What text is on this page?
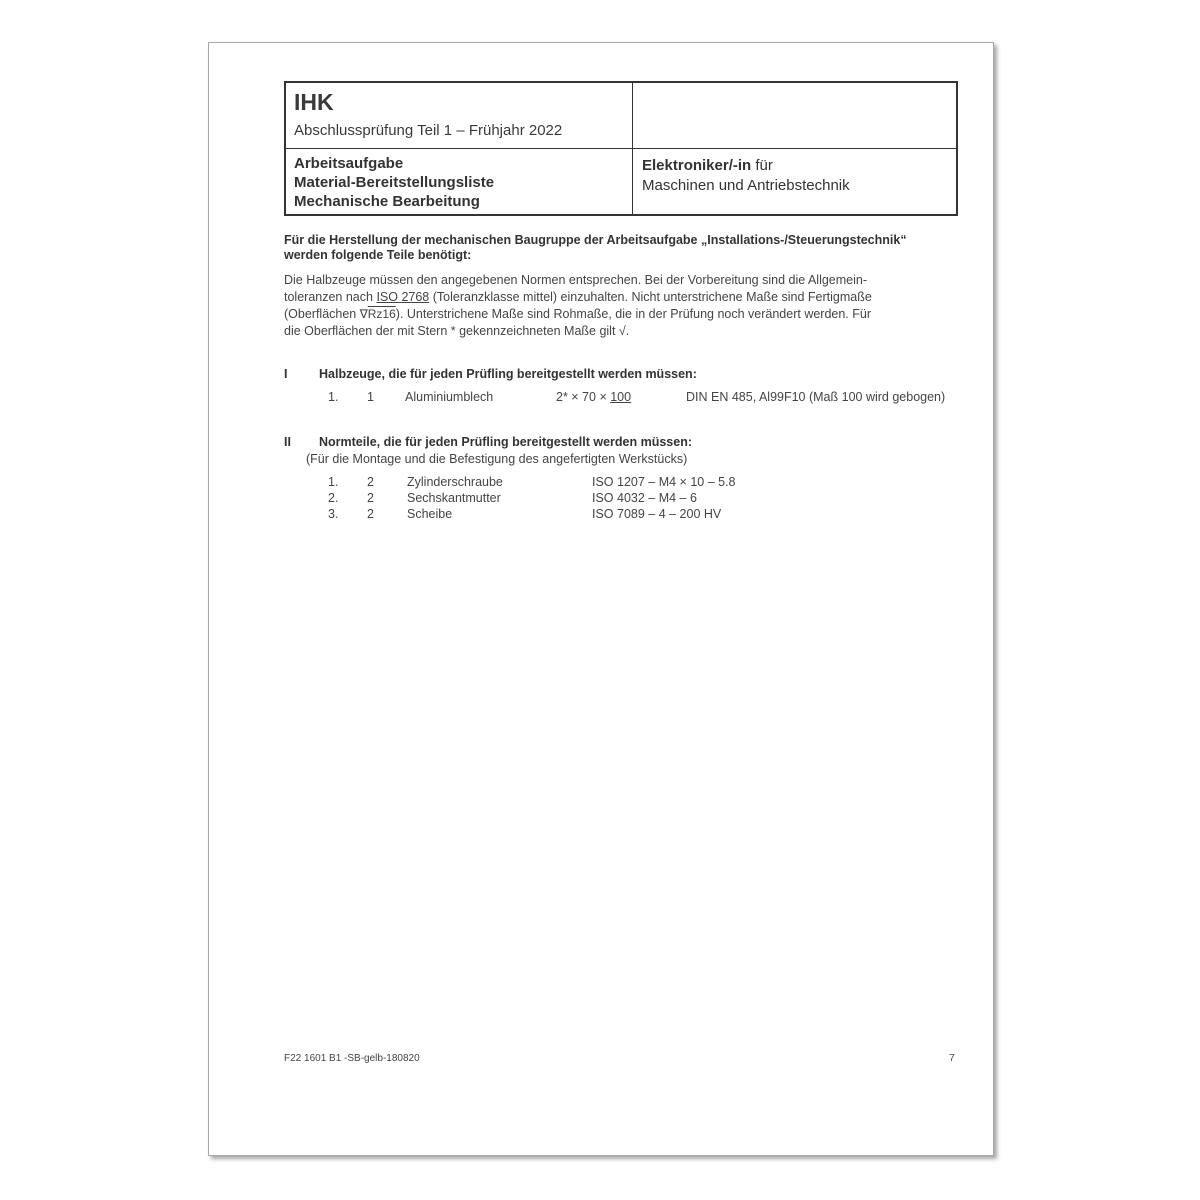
IHK
Abschlussprüfung Teil 1 – Frühjahr 2022
Arbeitsaufgabe
Material-Bereitstellungsliste
Mechanische Bearbeitung
Elektroniker/-in für
Maschinen und Antriebstechnik
Für die Herstellung der mechanischen Baugruppe der Arbeitsaufgabe „Installations-/Steuerungstechnik“
werden folgende Teile benötigt:
Die Halbzeuge müssen den angegebenen Normen entsprechen. Bei der Vorbereitung sind die Allgemein-
toleranzen nach ISO 2768 (Toleranzklasse mittel) einzuhalten. Nicht unterstrichene Maße sind Fertigmaße
(Oberflächen ∇Rz16). Unterstrichene Maße sind Rohmaße, die in der Prüfung noch verändert werden. Für
die Oberflächen der mit Stern * gekennzeichneten Maße gilt √.
I	Halbzeuge, die für jeden Prüfling bereitgestellt werden müssen:
1. 1 Aluminiumblech	2* × 70 × 100	DIN EN 485, Al99F10 (Maß 100 wird gebogen)
II Normteile, die für jeden Prüfling bereitgestellt werden müssen:
(Für die Montage und die Befestigung des angefertigten Werkstücks)
1. 2	Zylinderschraube	ISO 1207 – M4 × 10 – 5.8
2. 2	Sechskantmutter	ISO 4032 – M4 – 6
3. 2	Scheibe	ISO 7089 – 4 – 200 HV
F22 1601 B1 -SB-gelb-180820	7
